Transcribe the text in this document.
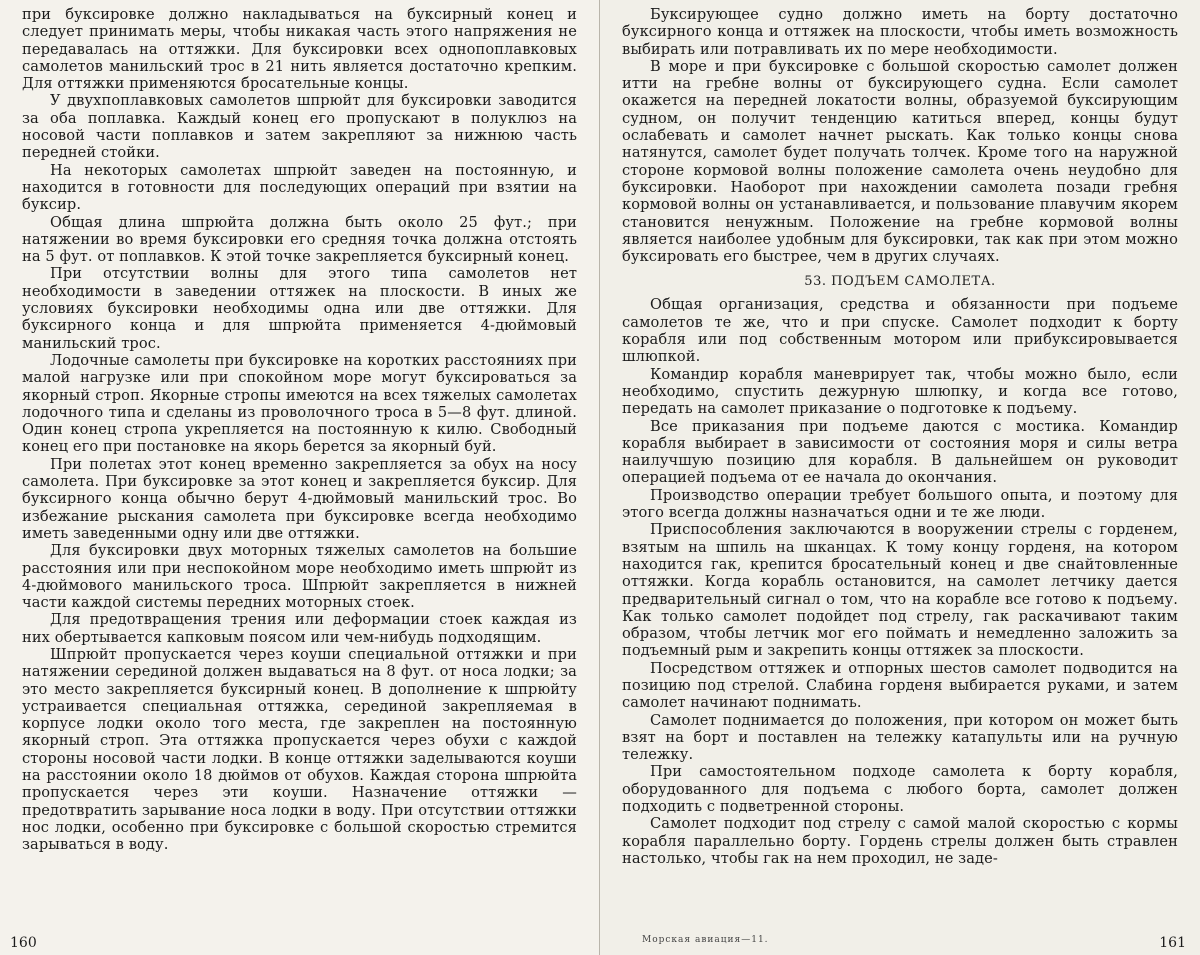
при буксировке должно накладываться на буксирный конец и следует принимать меры, чтобы никакая часть этого напряжения не передавалась на оттяжки. Для буксировки всех однопоплавковых самолетов манильский трос в 21 нить является достаточно крепким. Для оттяжки применяются бросательные концы.

У двухпоплавковых самолетов шпрюйт для буксировки заводится за оба поплавка. Каждый конец его пропускают в полуклюз на носовой части поплавков и затем закрепляют за нижнюю часть передней стойки.

На некоторых самолетах шпрюйт заведен на постоянную, и находится в готовности для последующих операций при взятии на буксир.

Общая длина шпрюйта должна быть около 25 фут.; при натяжении во время буксировки его средняя точка должна отстоять на 5 фут. от поплавков. К этой точке закрепляется буксирный конец.

При отсутствии волны для этого типа самолетов нет необходимости в заведении оттяжек на плоскости. В иных же условиях буксировки необходимы одна или две оттяжки. Для буксирного конца и для шпрюйта применяется 4-дюймовый манильский трос.

Лодочные самолеты при буксировке на коротких расстояниях при малой нагрузке или при спокойном море могут буксироваться за якорный строп. Якорные стропы имеются на всех тяжелых самолетах лодочного типа и сделаны из проволочного троса в 5—8 фут. длиной. Один конец стропа укрепляется на постоянную к килю. Свободный конец его при постановке на якорь берется за якорный буй.

При полетах этот конец временно закрепляется за обух на носу самолета. При буксировке за этот конец и закрепляется буксир. Для буксирного конца обычно берут 4-дюймовый манильский трос. Во избежание рыскания самолета при буксировке всегда необходимо иметь заведенными одну или две оттяжки.

Для буксировки двух моторных тяжелых самолетов на большие расстояния или при неспокойном море необходимо иметь шпрюйт из 4-дюймового манильского троса. Шпрюйт закрепляется в нижней части каждой системы передних моторных стоек.

Для предотвращения трения или деформации стоек каждая из них обертывается капковым поясом или чем-нибудь подходящим.

Шпрюйт пропускается через коуши специальной оттяжки и при натяжении серединой должен выдаваться на 8 фут. от носа лодки; за это место закрепляется буксирный конец. В дополнение к шпрюйту устраивается специальная оттяжка, серединой закрепляемая в корпусе лодки около того места, где закреплен на постоянную якорный строп. Эта оттяжка пропускается через обухи с каждой стороны носовой части лодки. В конце оттяжки заделываются коуши на расстоянии около 18 дюймов от обухов. Каждая сторона шпрюйта пропускается через эти коуши. Назначение оттяжки — предотвратить зарывание носа лодки в воду. При отсутствии оттяжки нос лодки, особенно при буксировке с большой скоростью стремится зарываться в воду.

160

Буксирующее судно должно иметь на борту достаточно буксирного конца и оттяжек на плоскости, чтобы иметь возможность выбирать или потравливать их по мере необходимости.

В море и при буксировке с большой скоростью самолет должен итти на гребне волны от буксирующего судна. Если самолет окажется на передней локатости волны, образуемой буксирующим судном, он получит тенденцию катиться вперед, концы будут ослабевать и самолет начнет рыскать. Как только концы снова натянутся, самолет будет получать толчек. Кроме того на наружной стороне кормовой волны положение самолета очень неудобно для буксировки. Наоборот при нахождении самолета позади гребня кормовой волны он устанавливается, и пользование плавучим якорем становится ненужным. Положение на гребне кормовой волны является наиболее удобным для буксировки, так как при этом можно буксировать его быстрее, чем в других случаях.

53. ПОДЪЕМ САМОЛЕТА.

Общая организация, средства и обязанности при подъеме самолетов те же, что и при спуске. Самолет подходит к борту корабля или под собственным мотором или прибуксировывается шлюпкой.

Командир корабля маневрирует так, чтобы можно было, если необходимо, спустить дежурную шлюпку, и когда все готово, передать на самолет приказание о подготовке к подъему.

Все приказания при подъеме даются с мостика. Командир корабля выбирает в зависимости от состояния моря и силы ветра наилучшую позицию для корабля. В дальнейшем он руководит операцией подъема от ее начала до окончания.

Производство операции требует большого опыта, и поэтому для этого всегда должны назначаться одни и те же люди.

Приспособления заключаются в вооружении стрелы с горденем, взятым на шпиль на шканцах. К тому концу горденя, на котором находится гак, крепится бросательный конец и две снайтовленные оттяжки. Когда корабль остановится, на самолет летчику дается предварительный сигнал о том, что на корабле все готово к подъему. Как только самолет подойдет под стрелу, гак раскачивают таким образом, чтобы летчик мог его поймать и немедленно заложить за подъемный рым и закрепить концы оттяжек за плоскости.

Посредством оттяжек и отпорных шестов самолет подводится на позицию под стрелой. Слабина горденя выбирается руками, и затем самолет начинают поднимать.

Самолет поднимается до положения, при котором он может быть взят на борт и поставлен на тележку катапульты или на ручную тележку.

При самостоятельном подходе самолета к борту корабля, оборудованного для подъема с любого борта, самолет должен подходить с подветренной стороны.

Самолет подходит под стрелу с самой малой скоростью с кормы корабля параллельно борту. Гордень стрелы должен быть стравлен настолько, чтобы гак на нем проходил, не заде-

Морская авиация—11.	161
